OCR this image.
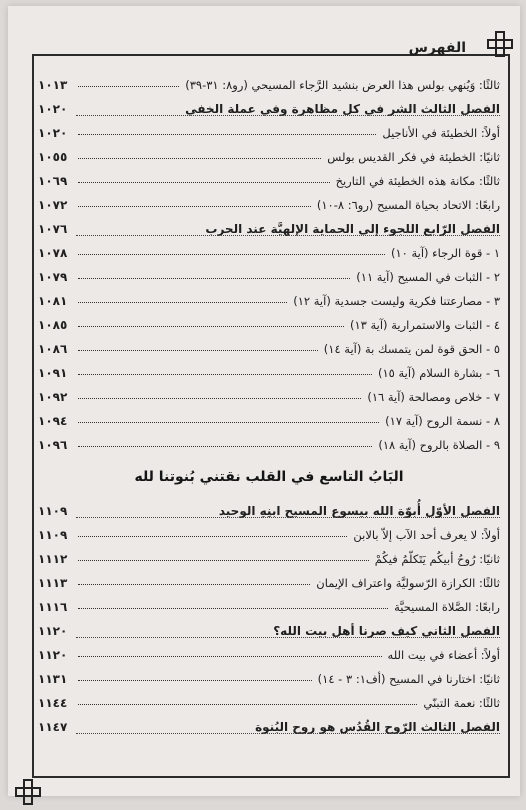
الفهرس
ثالثًا: وَيُنهي بولس هذا العرض بنشيد الرَّجاء المسيحي (رو٨: ٣١-٣٩)
١٠١٣
الفصل الثالث الشر في كل مظاهرة وفي عملة الخفي
١٠٢٠
أولاً: الخطيئة في الأناجيل
١٠٢٠
ثانيًا: الخطيئة في فكر القديس بولس
١٠٥٥
ثالثًا: مكانة هذه الخطيئة في التاريخ
١٠٦٩
رابعًا: الاتحاد بحياة المسيح (رو٦: ٨-١٠)
١٠٧٢
الفصل الرّابع اللجوء إلى الحماية الإلهيَّة عند الحرب
١٠٧٦
١ - قوة الرجاء (آية ١٠)
١٠٧٨
٢ - الثبات في المسيح (آية ١١)
١٠٧٩
٣ - مصارعتنا فكرية وليست جسدية (آية ١٢)
١٠٨١
٤ - الثبات والاستمرارية (آية ١٣)
١٠٨٥
٥ - الحق قوة لمن يتمسك بة (آية ١٤)
١٠٨٦
٦ - بشارة السلام (آية ١٥)
١٠٩١
٧ - خلاص ومصالحة (آية ١٦)
١٠٩٢
٨ - نسمة الروح (آية ١٧)
١٠٩٤
٩ - الصلاة بالروح (آية ١٨)
١٠٩٦
البَابُ التاسع في القلب نقتني بُنوتنا لله
الفصل الأوّل أُبوّة الله بيسوع المسيح ابنِهِ الوحيد
١١٠٩
أولاً: لا يعرف أحد الآب إلاّ بالابن
١١٠٩
ثانيًا: رُوحُ أبيكُم يَتَكلّمُ فيكُمْ
١١١٢
ثالثًا: الكرازة الرّسوليَّة واعتراف الإيمان
١١١٣
رابعًا: الصَّلاة المسيحيَّة
١١١٦
الفصل الثاني كيف صرنا أهل بيت الله؟
١١٢٠
أولاً: أعضاء في بيت الله
١١٢٠
ثانيًا: اختارنا في المسيح (أف١: ٣ - ١٤)
١١٣١
ثالثًا: نعمة التبنّي
١١٤٤
الفصل الثالث الرّوح القُدُس هو روح البُنوة
١١٤٧
